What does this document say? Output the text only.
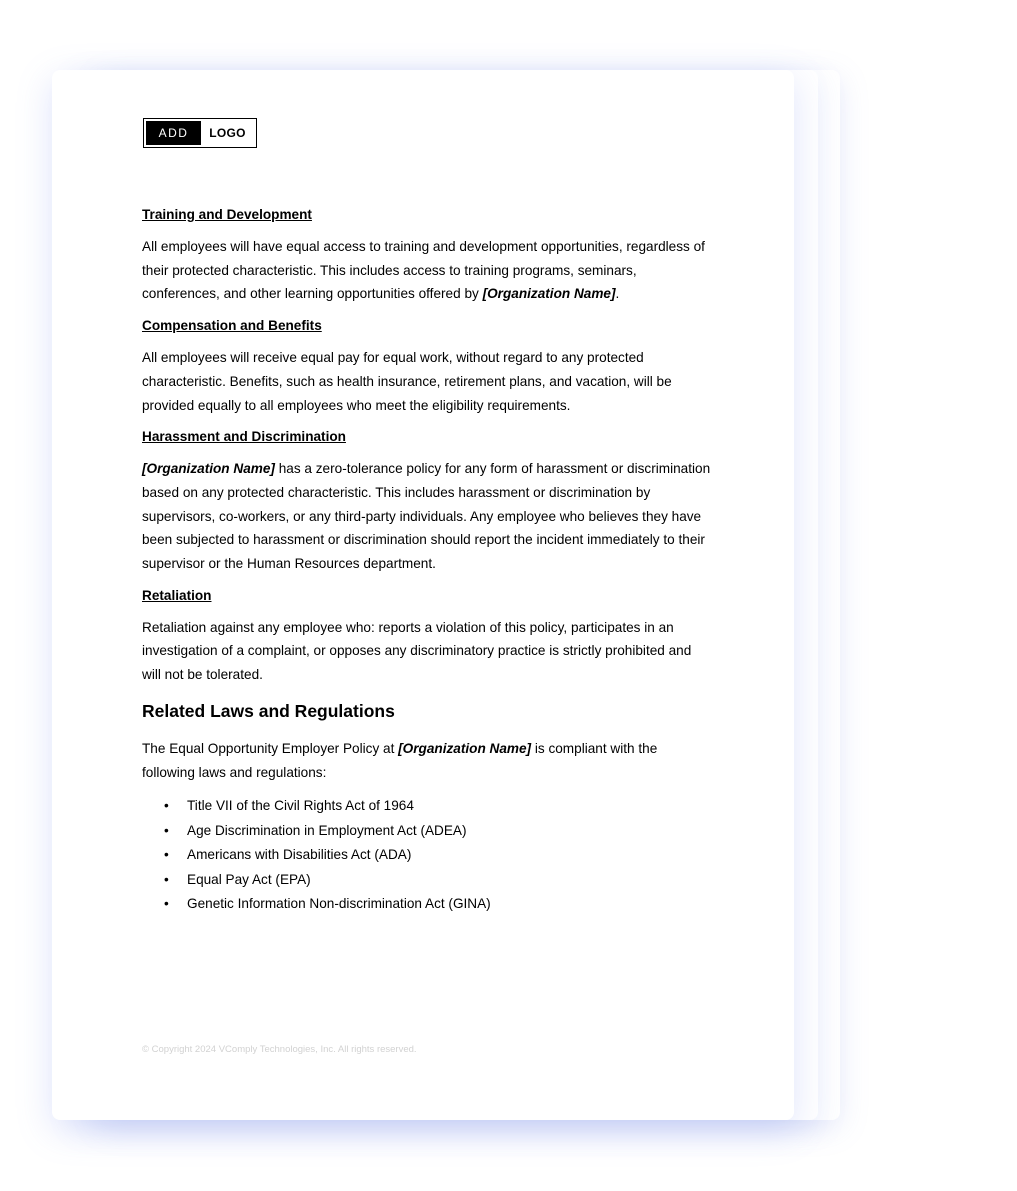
ADD	LOGO
Training and Development

All employees will have equal access to training and development opportunities, regardless of their protected characteristic. This includes access to training programs, seminars, conferences, and other learning opportunities offered by [Organization Name].

Compensation and Benefits

All employees will receive equal pay for equal work, without regard to any protected characteristic. Benefits, such as health insurance, retirement plans, and vacation, will be provided equally to all employees who meet the eligibility requirements.

Harassment and Discrimination

[Organization Name] has a zero-tolerance policy for any form of harassment or discrimination based on any protected characteristic. This includes harassment or discrimination by supervisors, co-workers, or any third-party individuals. Any employee who believes they have been subjected to harassment or discrimination should report the incident immediately to their supervisor or the Human Resources department.

Retaliation

Retaliation against any employee who: reports a violation of this policy, participates in an investigation of a complaint, or opposes any discriminatory practice is strictly prohibited and will not be tolerated.

Related Laws and Regulations

The Equal Opportunity Employer Policy at [Organization Name] is compliant with the following laws and regulations:

• Title VII of the Civil Rights Act of 1964
• Age Discrimination in Employment Act (ADEA)
• Americans with Disabilities Act (ADA)
• Equal Pay Act (EPA)
• Genetic Information Non-discrimination Act (GINA)
© Copyright 2024 VComply Technologies, Inc. All rights reserved.
